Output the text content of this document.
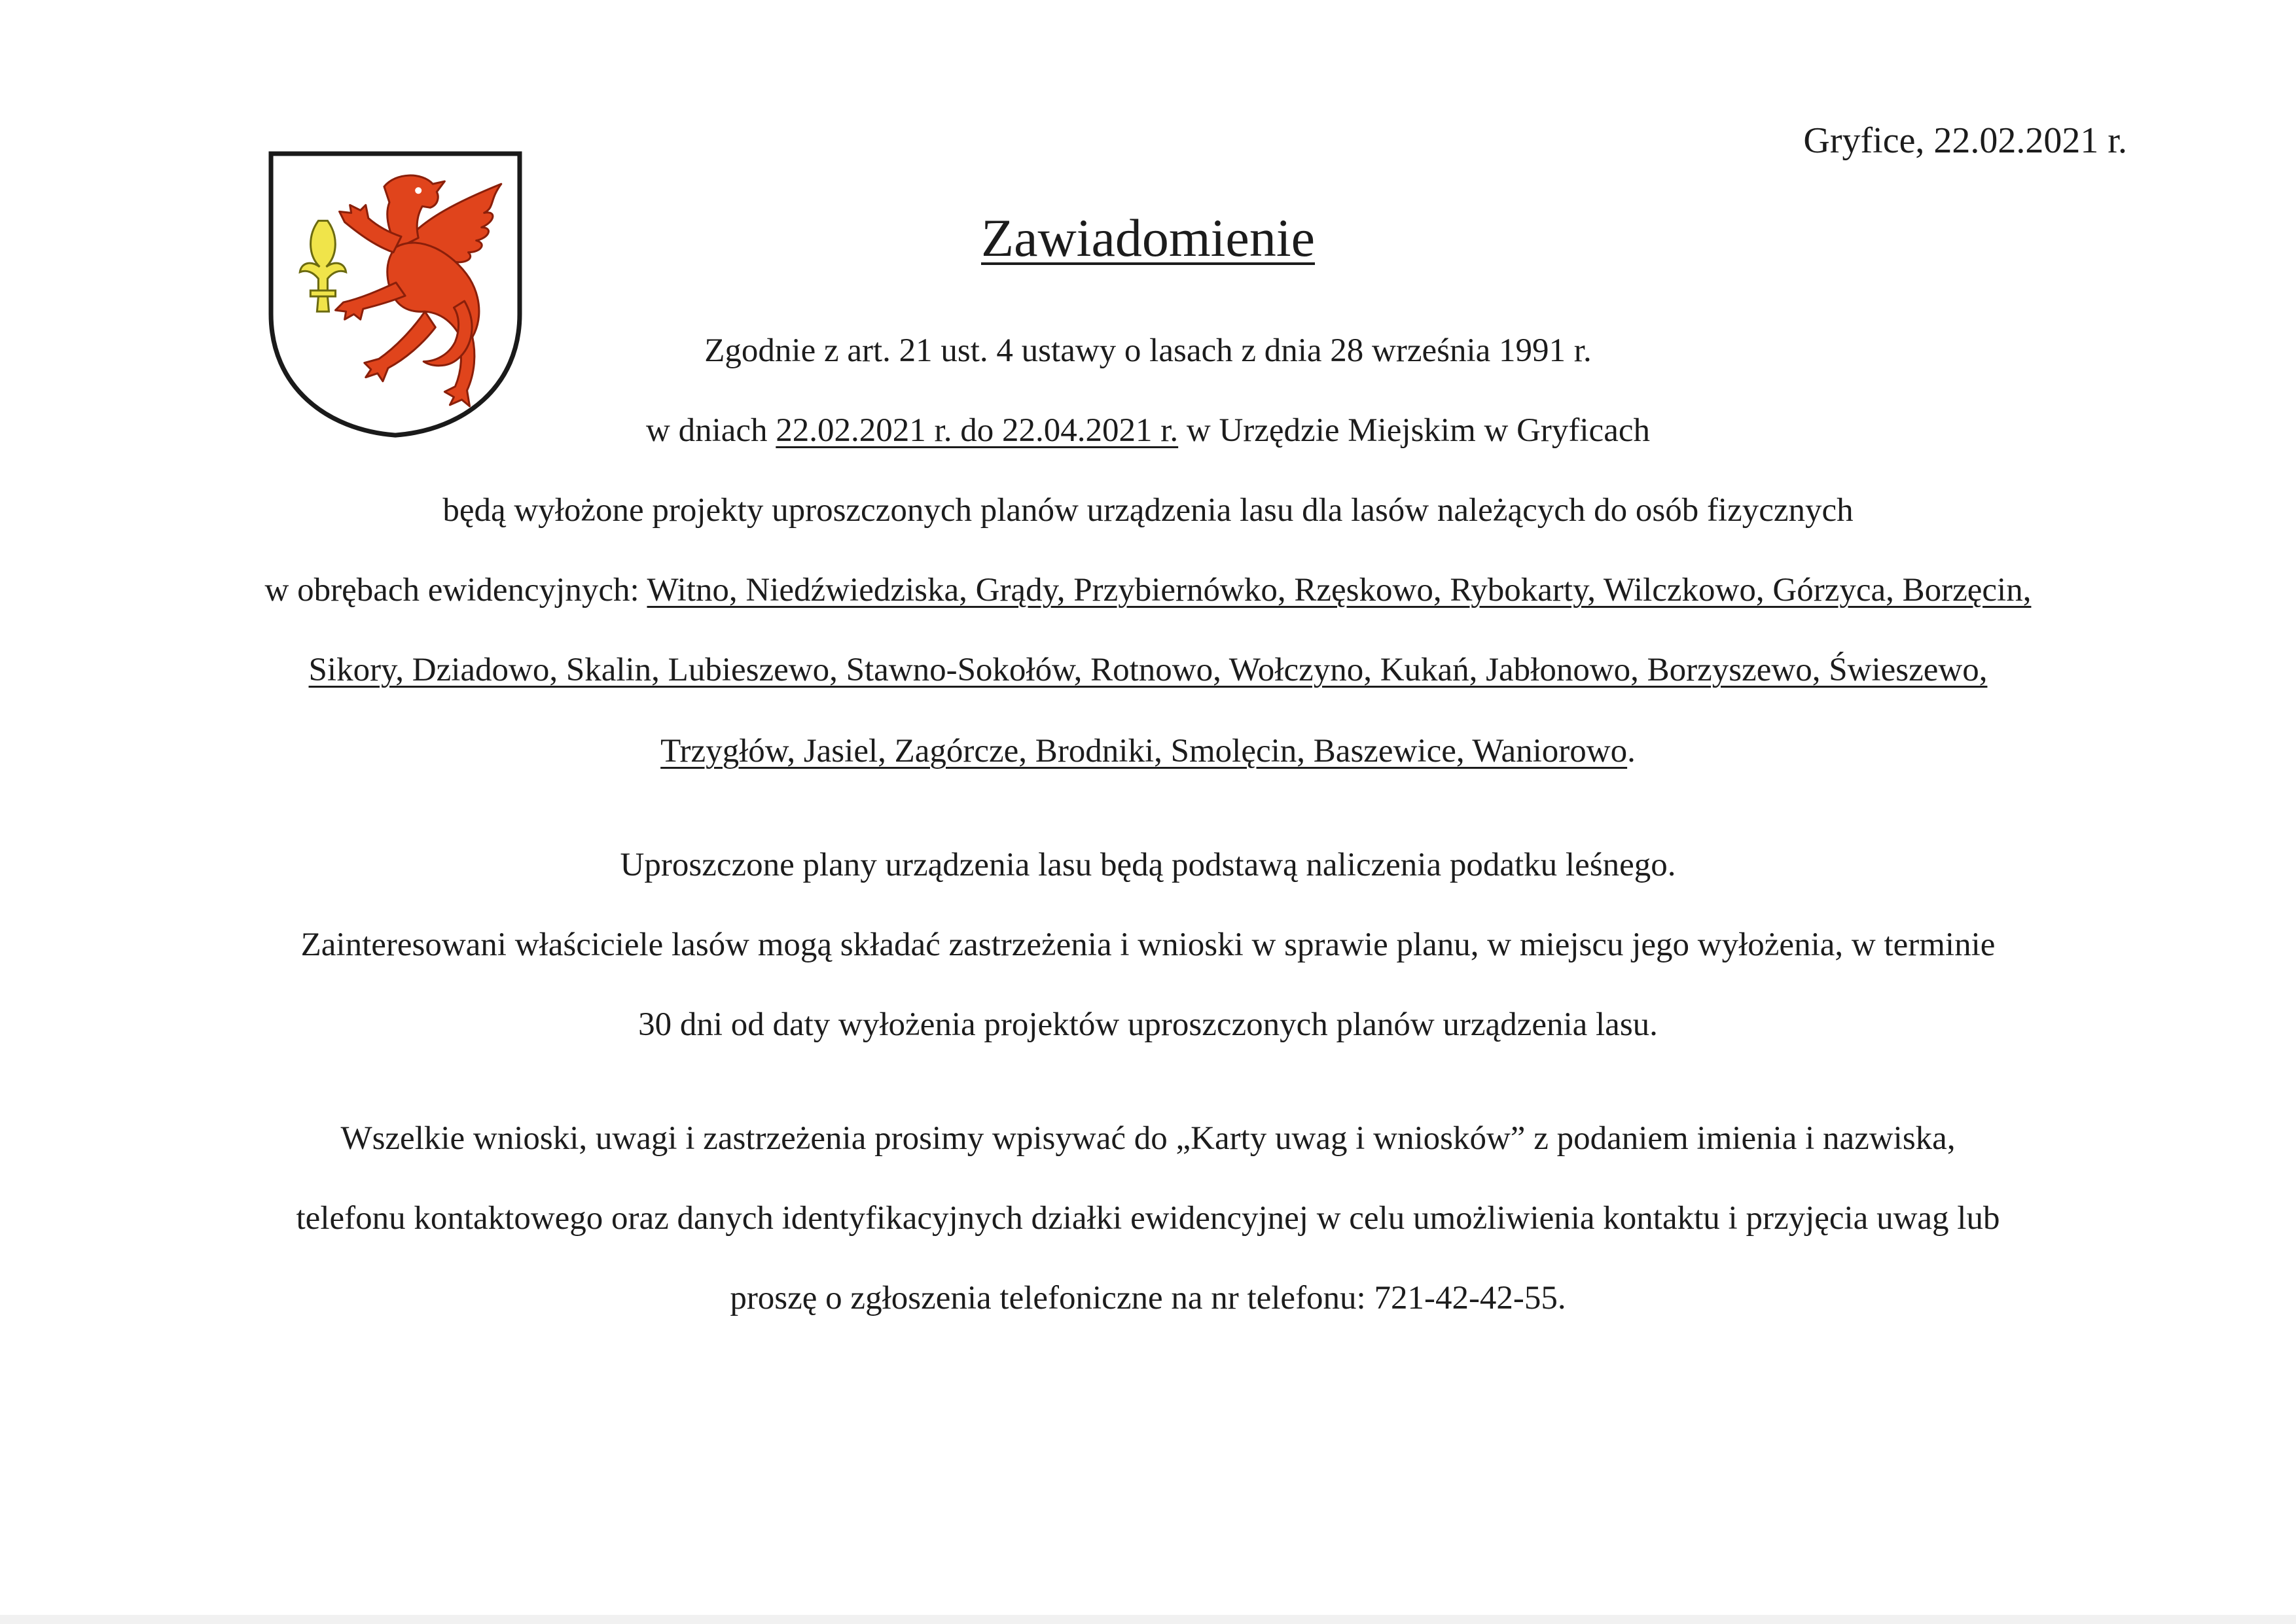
Gryfice, 22.02.2021 r.
Zawiadomienie
Zgodnie z art. 21 ust. 4 ustawy o lasach z dnia 28 września 1991 r.
w dniach 22.02.2021 r. do 22.04.2021 r. w Urzędzie Miejskim w Gryficach
będą wyłożone projekty uproszczonych planów urządzenia lasu dla lasów należących do osób fizycznych
w obrębach ewidencyjnych: Witno, Niedźwiedziska, Grądy, Przybiernówko, Rzęskowo, Rybokarty, Wilczkowo, Górzyca, Borzęcin,
Sikory, Dziadowo, Skalin, Lubieszewo, Stawno-Sokołów, Rotnowo, Wołczyno, Kukań, Jabłonowo, Borzyszewo, Świeszewo,
Trzygłów, Jasiel, Zagórcze, Brodniki, Smolęcin, Baszewice, Waniorowo.
Uproszczone plany urządzenia lasu będą podstawą naliczenia podatku leśnego.
Zainteresowani właściciele lasów mogą składać zastrzeżenia i wnioski w sprawie planu, w miejscu jego wyłożenia, w terminie
30 dni od daty wyłożenia projektów uproszczonych planów urządzenia lasu.
Wszelkie wnioski, uwagi i zastrzeżenia prosimy wpisywać do „Karty uwag i wniosków” z podaniem imienia i nazwiska,
telefonu kontaktowego oraz danych identyfikacyjnych działki ewidencyjnej w celu umożliwienia kontaktu i przyjęcia uwag lub
proszę o zgłoszenia telefoniczne na nr telefonu: 721-42-42-55.
